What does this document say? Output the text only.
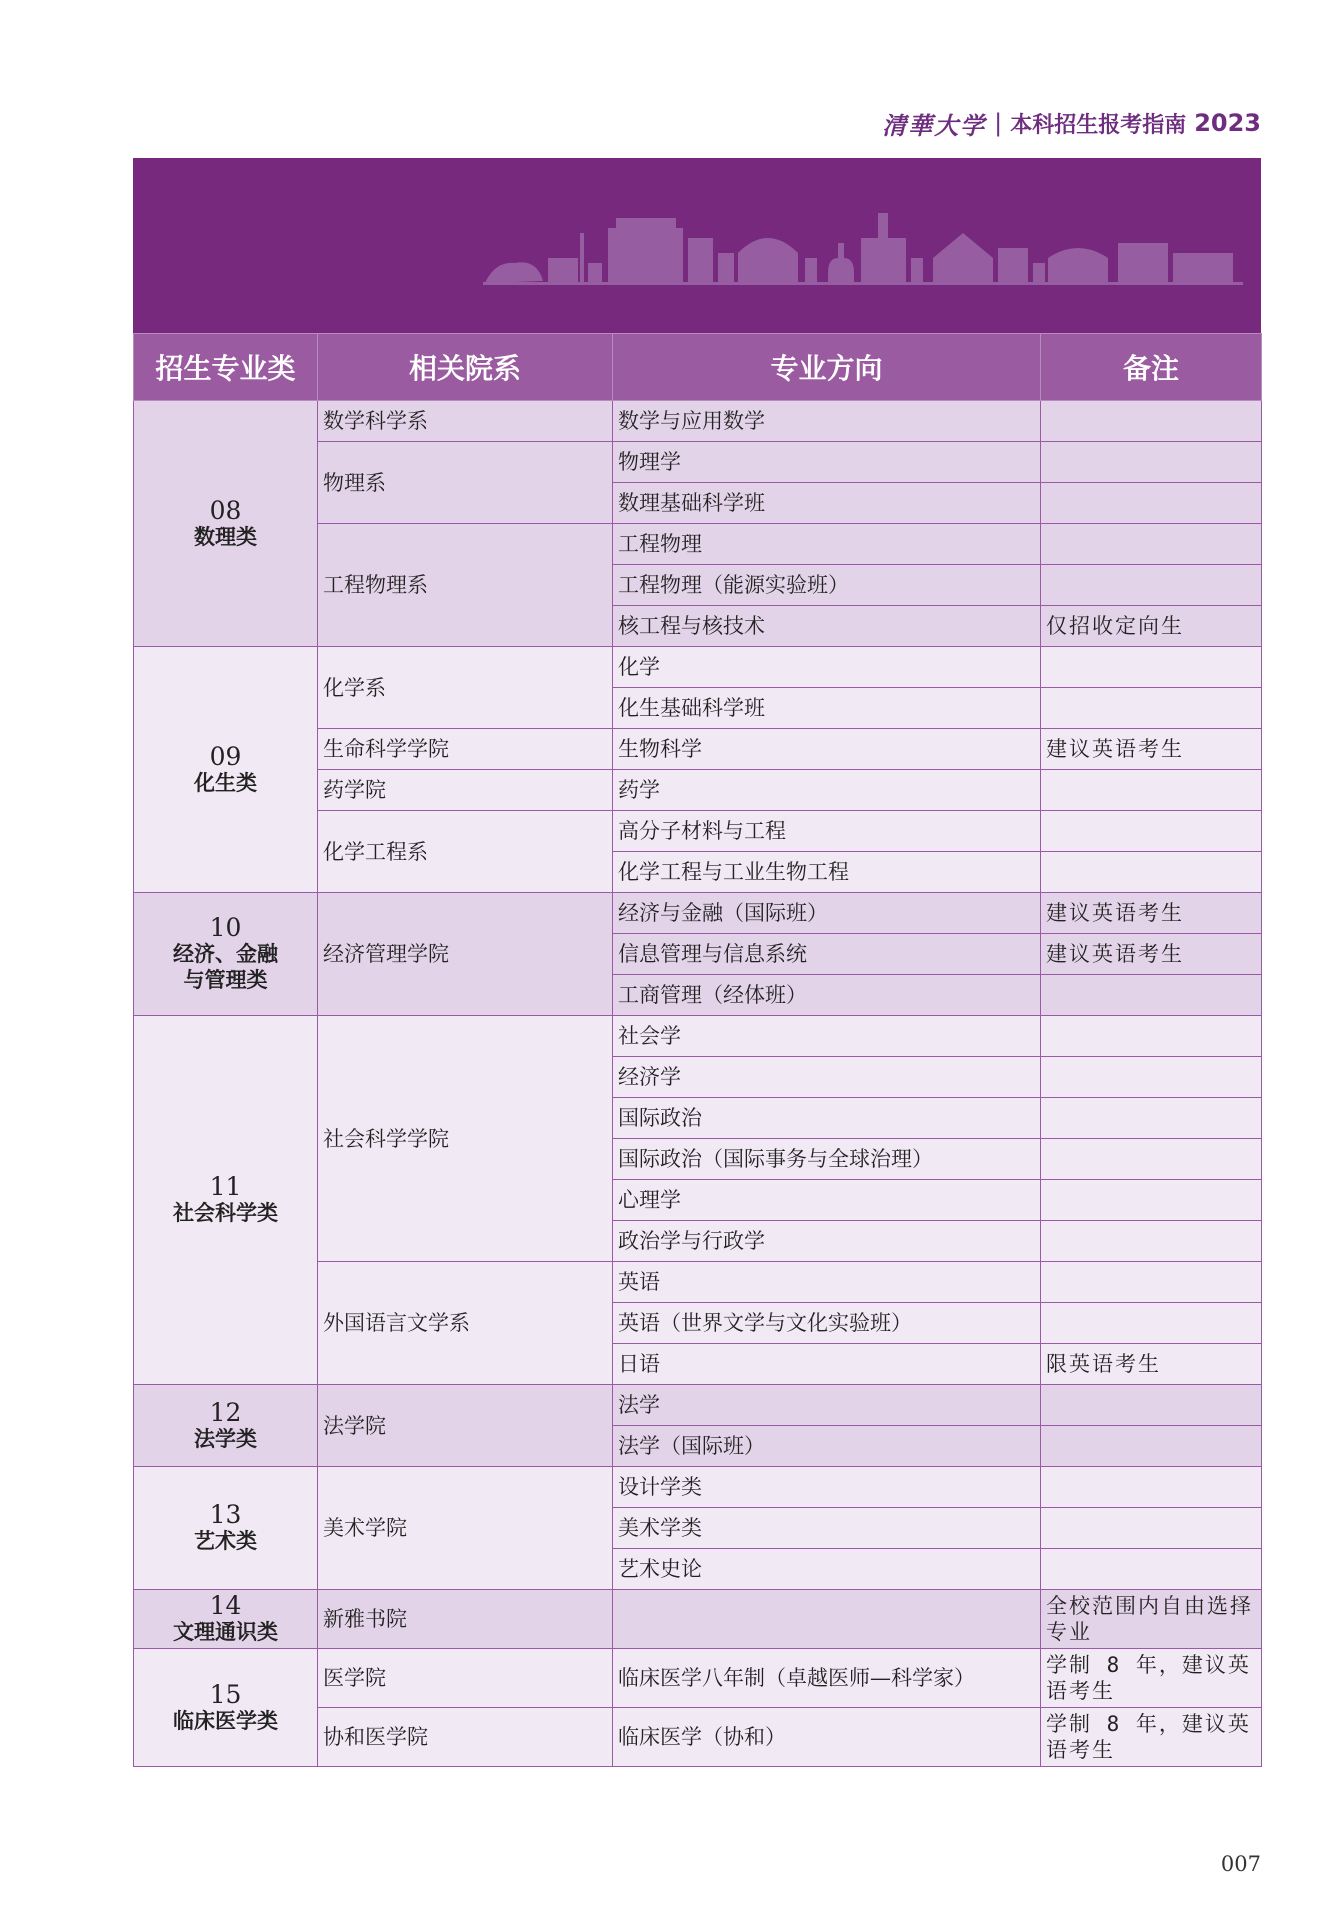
清華大学 | 本科招生报考指南 2023
招生专业类	相关院系	专业方向	备注

08
数理类	数学科学系	数学与应用数学	
	物理系	物理学	
		数理基础科学班	
	工程物理系	工程物理	
		工程物理（能源实验班）	
		核工程与核技术	仅招收定向生

09
化生类	化学系	化学	
		化生基础科学班	
	生命科学学院	生物科学	建议英语考生
	药学院	药学	
	化学工程系	高分子材料与工程	
		化学工程与工业生物工程	

10
经济、金融
与管理类	经济管理学院	经济与金融（国际班）	建议英语考生
		信息管理与信息系统	建议英语考生
		工商管理（经体班）	

11
社会科学类	社会科学学院	社会学	
		经济学	
		国际政治	
		国际政治（国际事务与全球治理）	
		心理学	
		政治学与行政学	
	外国语言文学系	英语	
		英语（世界文学与文化实验班）	
		日语	限英语考生

12
法学类	法学院	法学	
		法学（国际班）	

13
艺术类	美术学院	设计学类	
		美术学类	
		艺术史论	

14
文理通识类	新雅书院		全校范围内自由选择专业

15
临床医学类	医学院	临床医学八年制（卓越医师—科学家）	学制 8 年，建议英语考生
	协和医学院	临床医学（协和）	学制 8 年，建议英语考生
007
